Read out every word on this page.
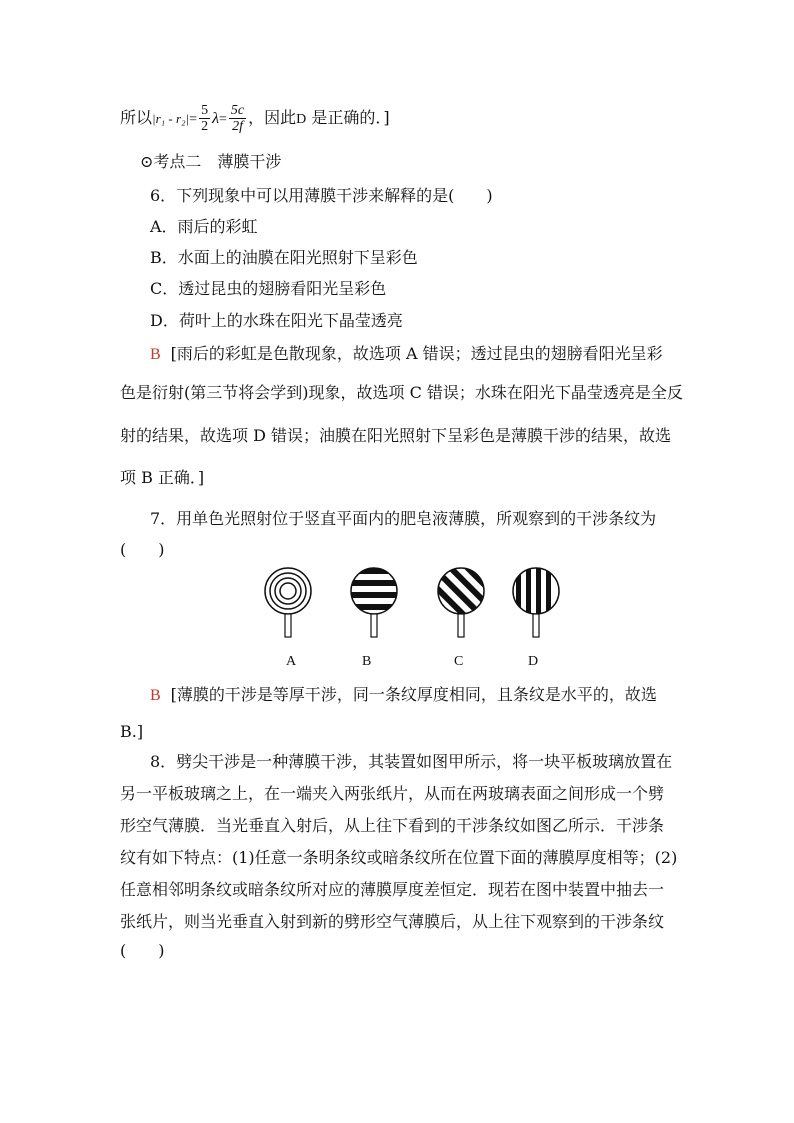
所以$|r_1 - r_2|= \frac{5}{2} \lambda= \frac{5c}{2f}$ ，因此D 是正确的．]
⊙考点二　薄膜干涉
6．下列现象中可以用薄膜干涉来解释的是(　　)
A．雨后的彩虹
B．水面上的油膜在阳光照射下呈彩色
C．透过昆虫的翅膀看阳光呈彩色
D．荷叶上的水珠在阳光下晶莹透亮
B [雨后的彩虹是色散现象，故选项 A 错误；透过昆虫的翅膀看阳光呈彩
色是衍射(第三节将会学到)现象，故选项 C 错误；水珠在阳光下晶莹透亮是全反
射的结果，故选项 D 错误；油膜在阳光照射下呈彩色是薄膜干涉的结果，故选
项 B 正确．]
7．用单色光照射位于竖直平面内的肥皂液薄膜，所观察到的干涉条纹为
(　　)
A	B	C	D
B [薄膜的干涉是等厚干涉，同一条纹厚度相同，且条纹是水平的，故选
B.]
8．劈尖干涉是一种薄膜干涉，其装置如图甲所示，将一块平板玻璃放置在
另一平板玻璃之上，在一端夹入两张纸片，从而在两玻璃表面之间形成一个劈
形空气薄膜．当光垂直入射后，从上往下看到的干涉条纹如图乙所示．干涉条
纹有如下特点：(1)任意一条明条纹或暗条纹所在位置下面的薄膜厚度相等；(2)
任意相邻明条纹或暗条纹所对应的薄膜厚度差恒定．现若在图中装置中抽去一
张纸片，则当光垂直入射到新的劈形空气薄膜后，从上往下观察到的干涉条纹
(　　)
